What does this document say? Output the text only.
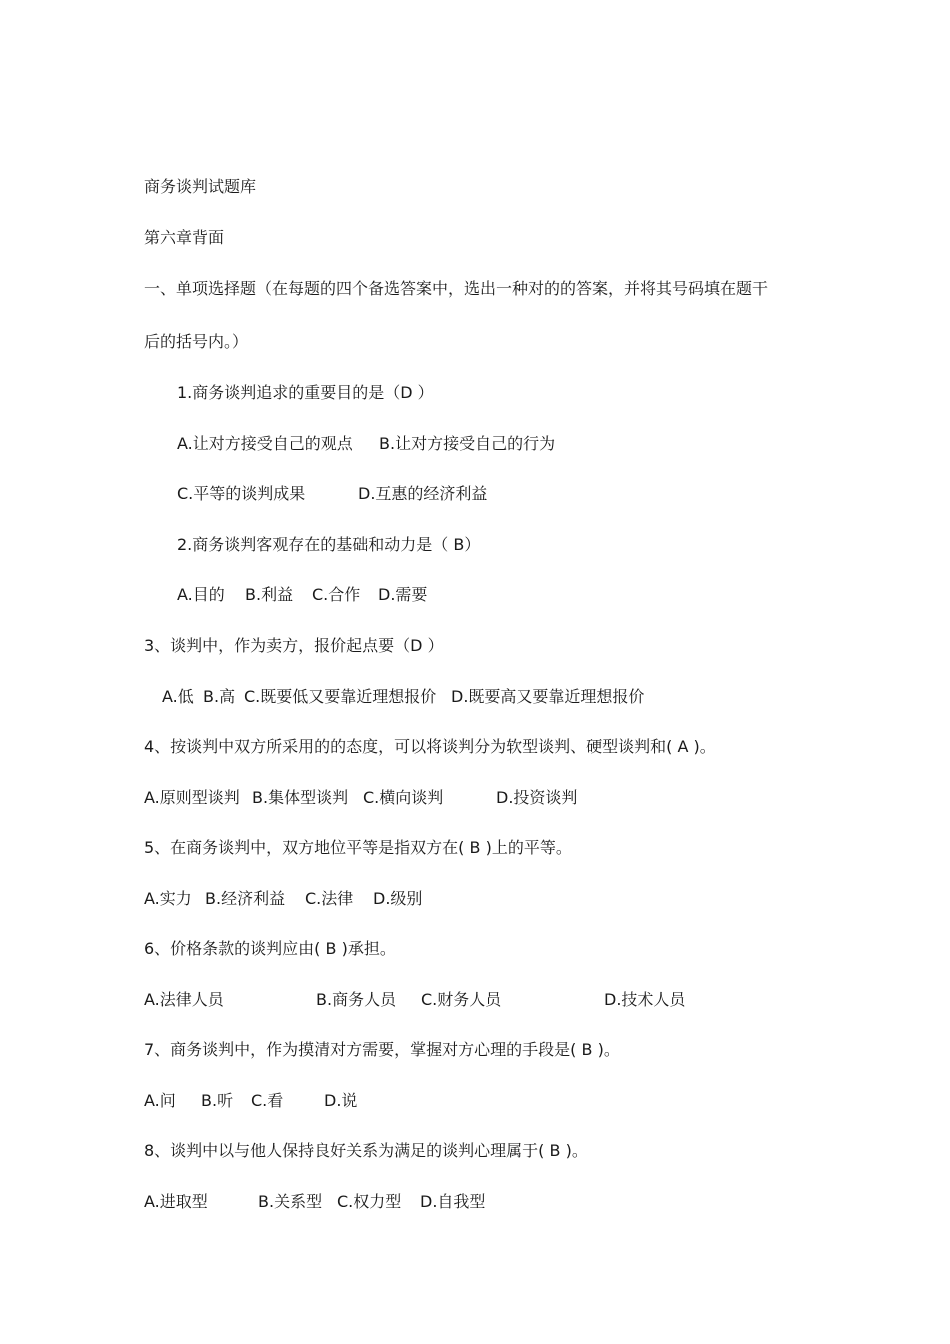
商务谈判试题库

第六章背面

一、单项选择题（在每题的四个备选答案中，选出一种对的的答案，并将其号码填在题干

后的括号内。）

1.商务谈判追求的重要目的是（D ）

A.让对方接受自己的观点 B.让对方接受自己的行为

C.平等的谈判成果	D.互惠的经济利益

2.商务谈判客观存在的基础和动力是（ B）

A.目的 B.利益 C.合作 D.需要

3、谈判中，作为卖方，报价起点要（D ）

A.低 B.高 C.既要低又要靠近理想报价 D.既要高又要靠近理想报价

4、按谈判中双方所采用的的态度，可以将谈判分为软型谈判、硬型谈判和( A )。

A.原则型谈判 B.集体型谈判 C.横向谈判	D.投资谈判

5、在商务谈判中，双方地位平等是指双方在( B )上的平等。

A.实力 B.经济利益 C.法律 D.级别

6、价格条款的谈判应由( B )承担。

A.法律人员	B.商务人员 C.财务人员	D.技术人员

7、商务谈判中，作为摸清对方需要，掌握对方心理的手段是( B )。

A.问 B.听 C.看	D.说

8、谈判中以与他人保持良好关系为满足的谈判心理属于( B )。

A.进取型	B.关系型 C.权力型 D.自我型
